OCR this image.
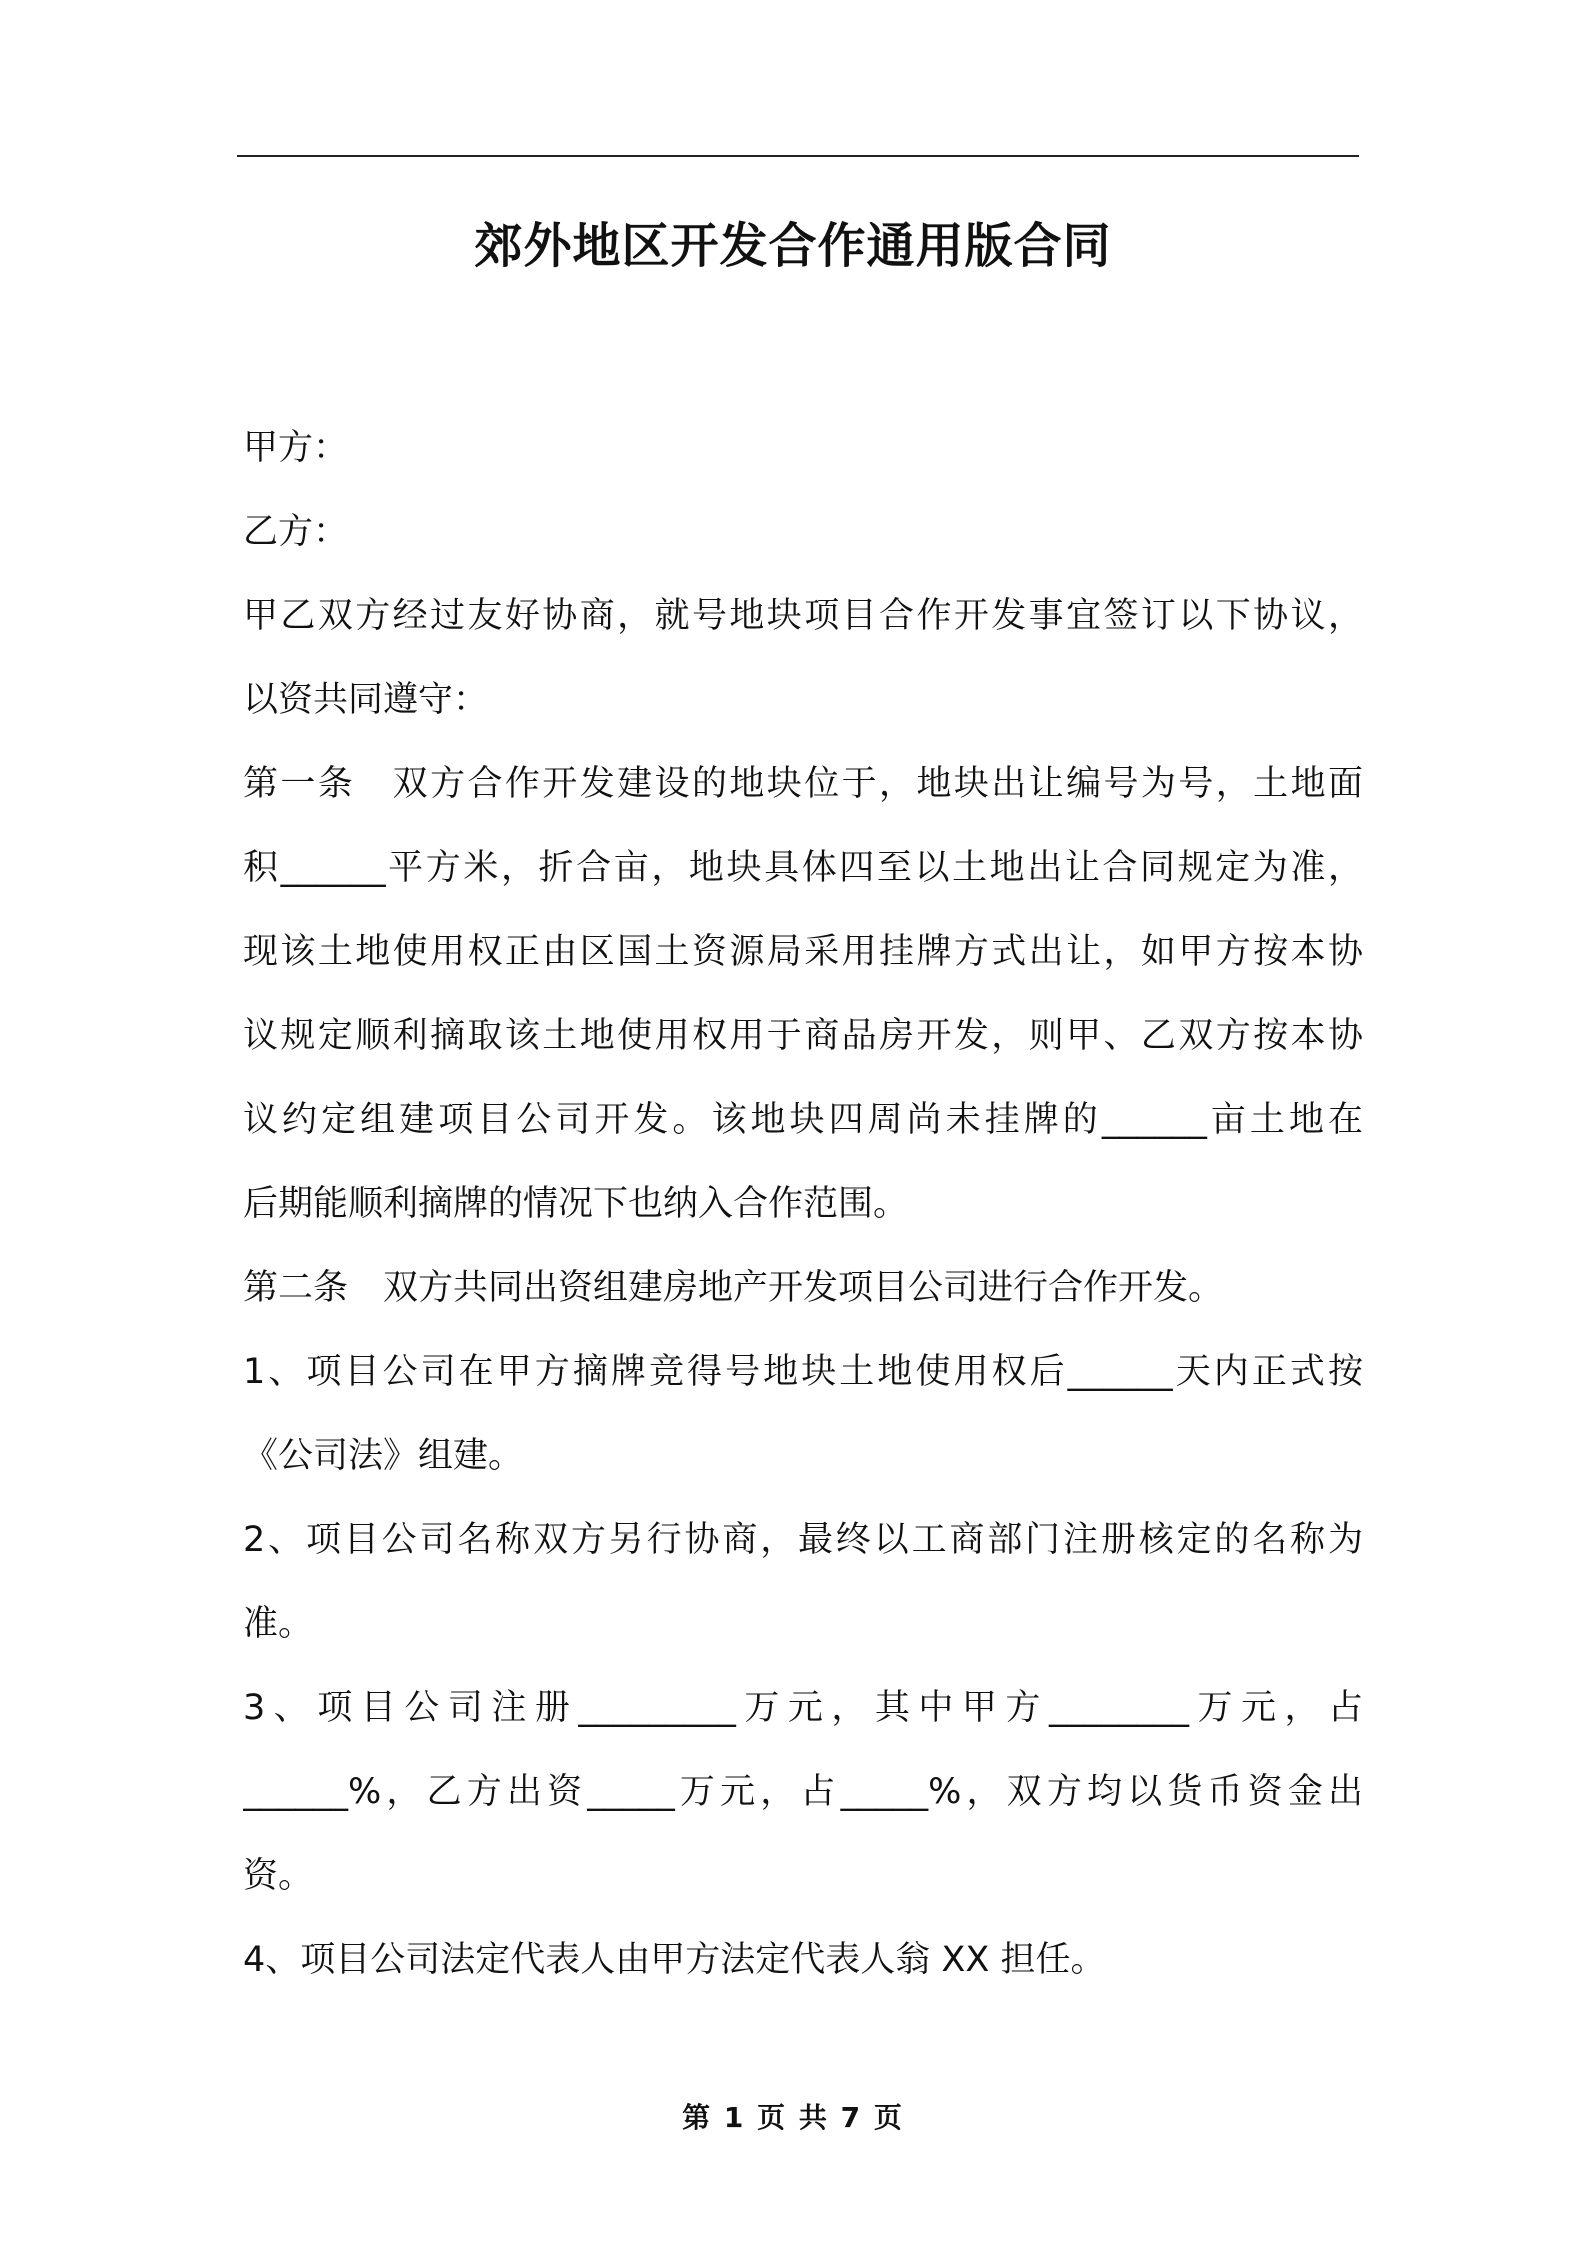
郊外地区开发合作通用版合同
甲方：
乙方：
甲乙双方经过友好协商，就号地块项目合作开发事宜签订以下协议，
以资共同遵守：
第一条　双方合作开发建设的地块位于，地块出让编号为号，土地面
积______平方米，折合亩，地块具体四至以土地出让合同规定为准，
现该土地使用权正由区国土资源局采用挂牌方式出让，如甲方按本协
议规定顺利摘取该土地使用权用于商品房开发，则甲、乙双方按本协
议约定组建项目公司开发。该地块四周尚未挂牌的______亩土地在
后期能顺利摘牌的情况下也纳入合作范围。
第二条　双方共同出资组建房地产开发项目公司进行合作开发。
1、项目公司在甲方摘牌竞得号地块土地使用权后______天内正式按
《公司法》组建。
2、项目公司名称双方另行协商，最终以工商部门注册核定的名称为
准。
3、项目公司注册_________万元，其中甲方________万元，占
______%，乙方出资_____万元，占_____%，双方均以货币资金出
资。
4、项目公司法定代表人由甲方法定代表人翁 XX 担任。
第 1 页 共 7 页
